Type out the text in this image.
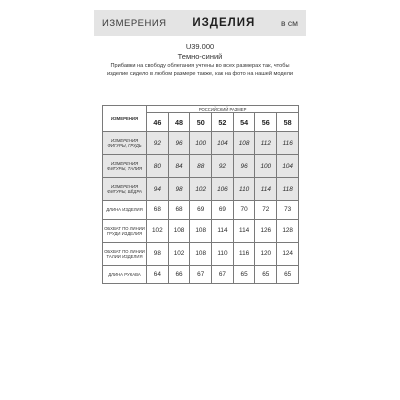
ИЗМЕРЕНИЯ ИЗДЕЛИЯ	в см
U39.000
Темно-синий
Прибавки на свободу облегания учтены во всех размерах так, чтобы изделие сидело в любом размере также, как на фото на нашей модели
ИЗМЕРЕНИЯ	РОССИЙСКИЙ РАЗМЕР						
	46	48	50	52	54	56	58
ИЗМЕРЕНИЯ ФИГУРЫ, ГРУДЬ	92	96	100	104	108	112	116
ИЗМЕРЕНИЯ ФИГУРЫ, ТАЛИЯ	80	84	88	92	96	100	104
ИЗМЕРЕНИЯ ФИГУРЫ, БЁДРА	94	98	102	106	110	114	118
ДЛИНА ИЗДЕЛИЯ	68	68	69	69	70	72	73
ОБХВАТ ПО ЛИНИИ ГРУДИ ИЗДЕЛИЯ	102	108	108	114	114	126	128
ОБХВАТ ПО ЛИНИИ ТАЛИИ ИЗДЕЛИЯ	98	102	108	110	116	120	124
ДЛИНА РУКАВА	64	66	67	67	65	65	65
